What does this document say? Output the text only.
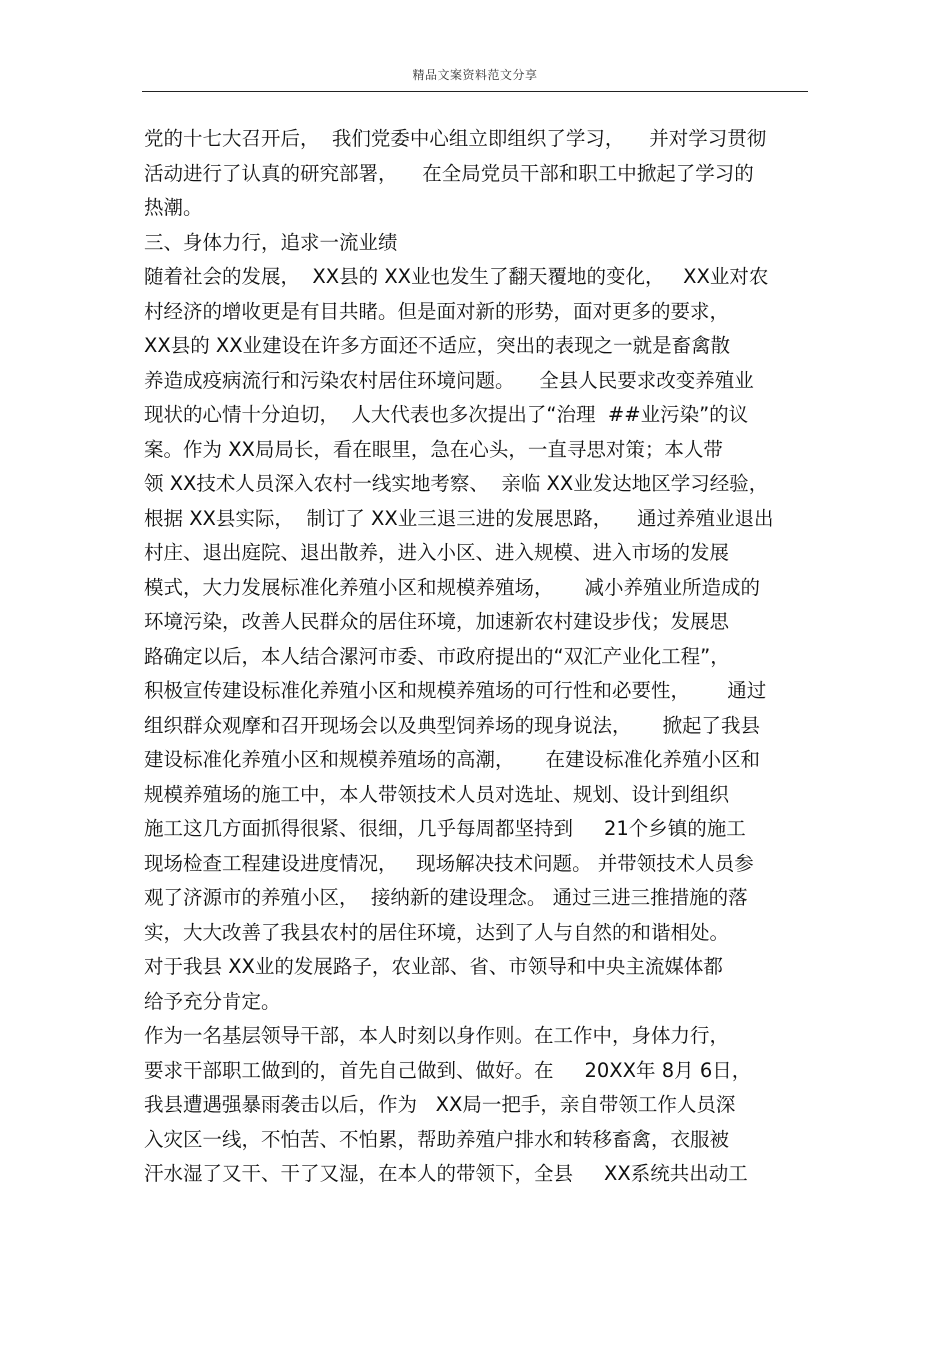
精品文案资料范文分享
党的十七大召开后，  我们党委中心组立即组织了学习，    并对学习贯彻
活动进行了认真的研究部署，    在全局党员干部和职工中掀起了学习的
热潮。
三、身体力行，追求一流业绩
随着社会的发展，  XX县的 XX业也发生了翻天覆地的变化，   XX业对农
村经济的增收更是有目共睹。但是面对新的形势，面对更多的要求，
XX县的 XX业建设在许多方面还不适应，突出的表现之一就是畜禽散
养造成疫病流行和污染农村居住环境问题。    全县人民要求改变养殖业
现状的心情十分迫切，  人大代表也多次提出了“治理  ##业污染”的议
案。作为 XX局局长，看在眼里，急在心头，一直寻思对策；本人带
领 XX技术人员深入农村一线实地考察、  亲临 XX业发达地区学习经验，
根据 XX县实际，  制订了 XX业三退三进的发展思路，    通过养殖业退出
村庄、退出庭院、退出散养，进入小区、进入规模、进入市场的发展
模式，大力发展标准化养殖小区和规模养殖场，     减小养殖业所造成的
环境污染，改善人民群众的居住环境，加速新农村建设步伐；发展思
路确定以后，本人结合漯河市委、市政府提出的“双汇产业化工程”，
积极宣传建设标准化养殖小区和规模养殖场的可行性和必要性，      通过
组织群众观摩和召开现场会以及典型饲养场的现身说法，     掀起了我县
建设标准化养殖小区和规模养殖场的高潮，     在建设标准化养殖小区和
规模养殖场的施工中，本人带领技术人员对选址、规划、设计到组织
施工这几方面抓得很紧、很细，几乎每周都坚持到     21个乡镇的施工
现场检查工程建设进度情况，   现场解决技术问题。 并带领技术人员参
观了济源市的养殖小区，  接纳新的建设理念。 通过三进三推措施的落
实，大大改善了我县农村的居住环境，达到了人与自然的和谐相处。
对于我县 XX业的发展路子，农业部、省、市领导和中央主流媒体都
给予充分肯定。
作为一名基层领导干部，本人时刻以身作则。在工作中，身体力行，
要求干部职工做到的，首先自己做到、做好。在     20XX年 8月 6日，
我县遭遇强暴雨袭击以后，作为   XX局一把手，亲自带领工作人员深
入灾区一线，不怕苦、不怕累，帮助养殖户排水和转移畜禽，衣服被
汗水湿了又干、干了又湿，在本人的带领下，全县     XX系统共出动工
